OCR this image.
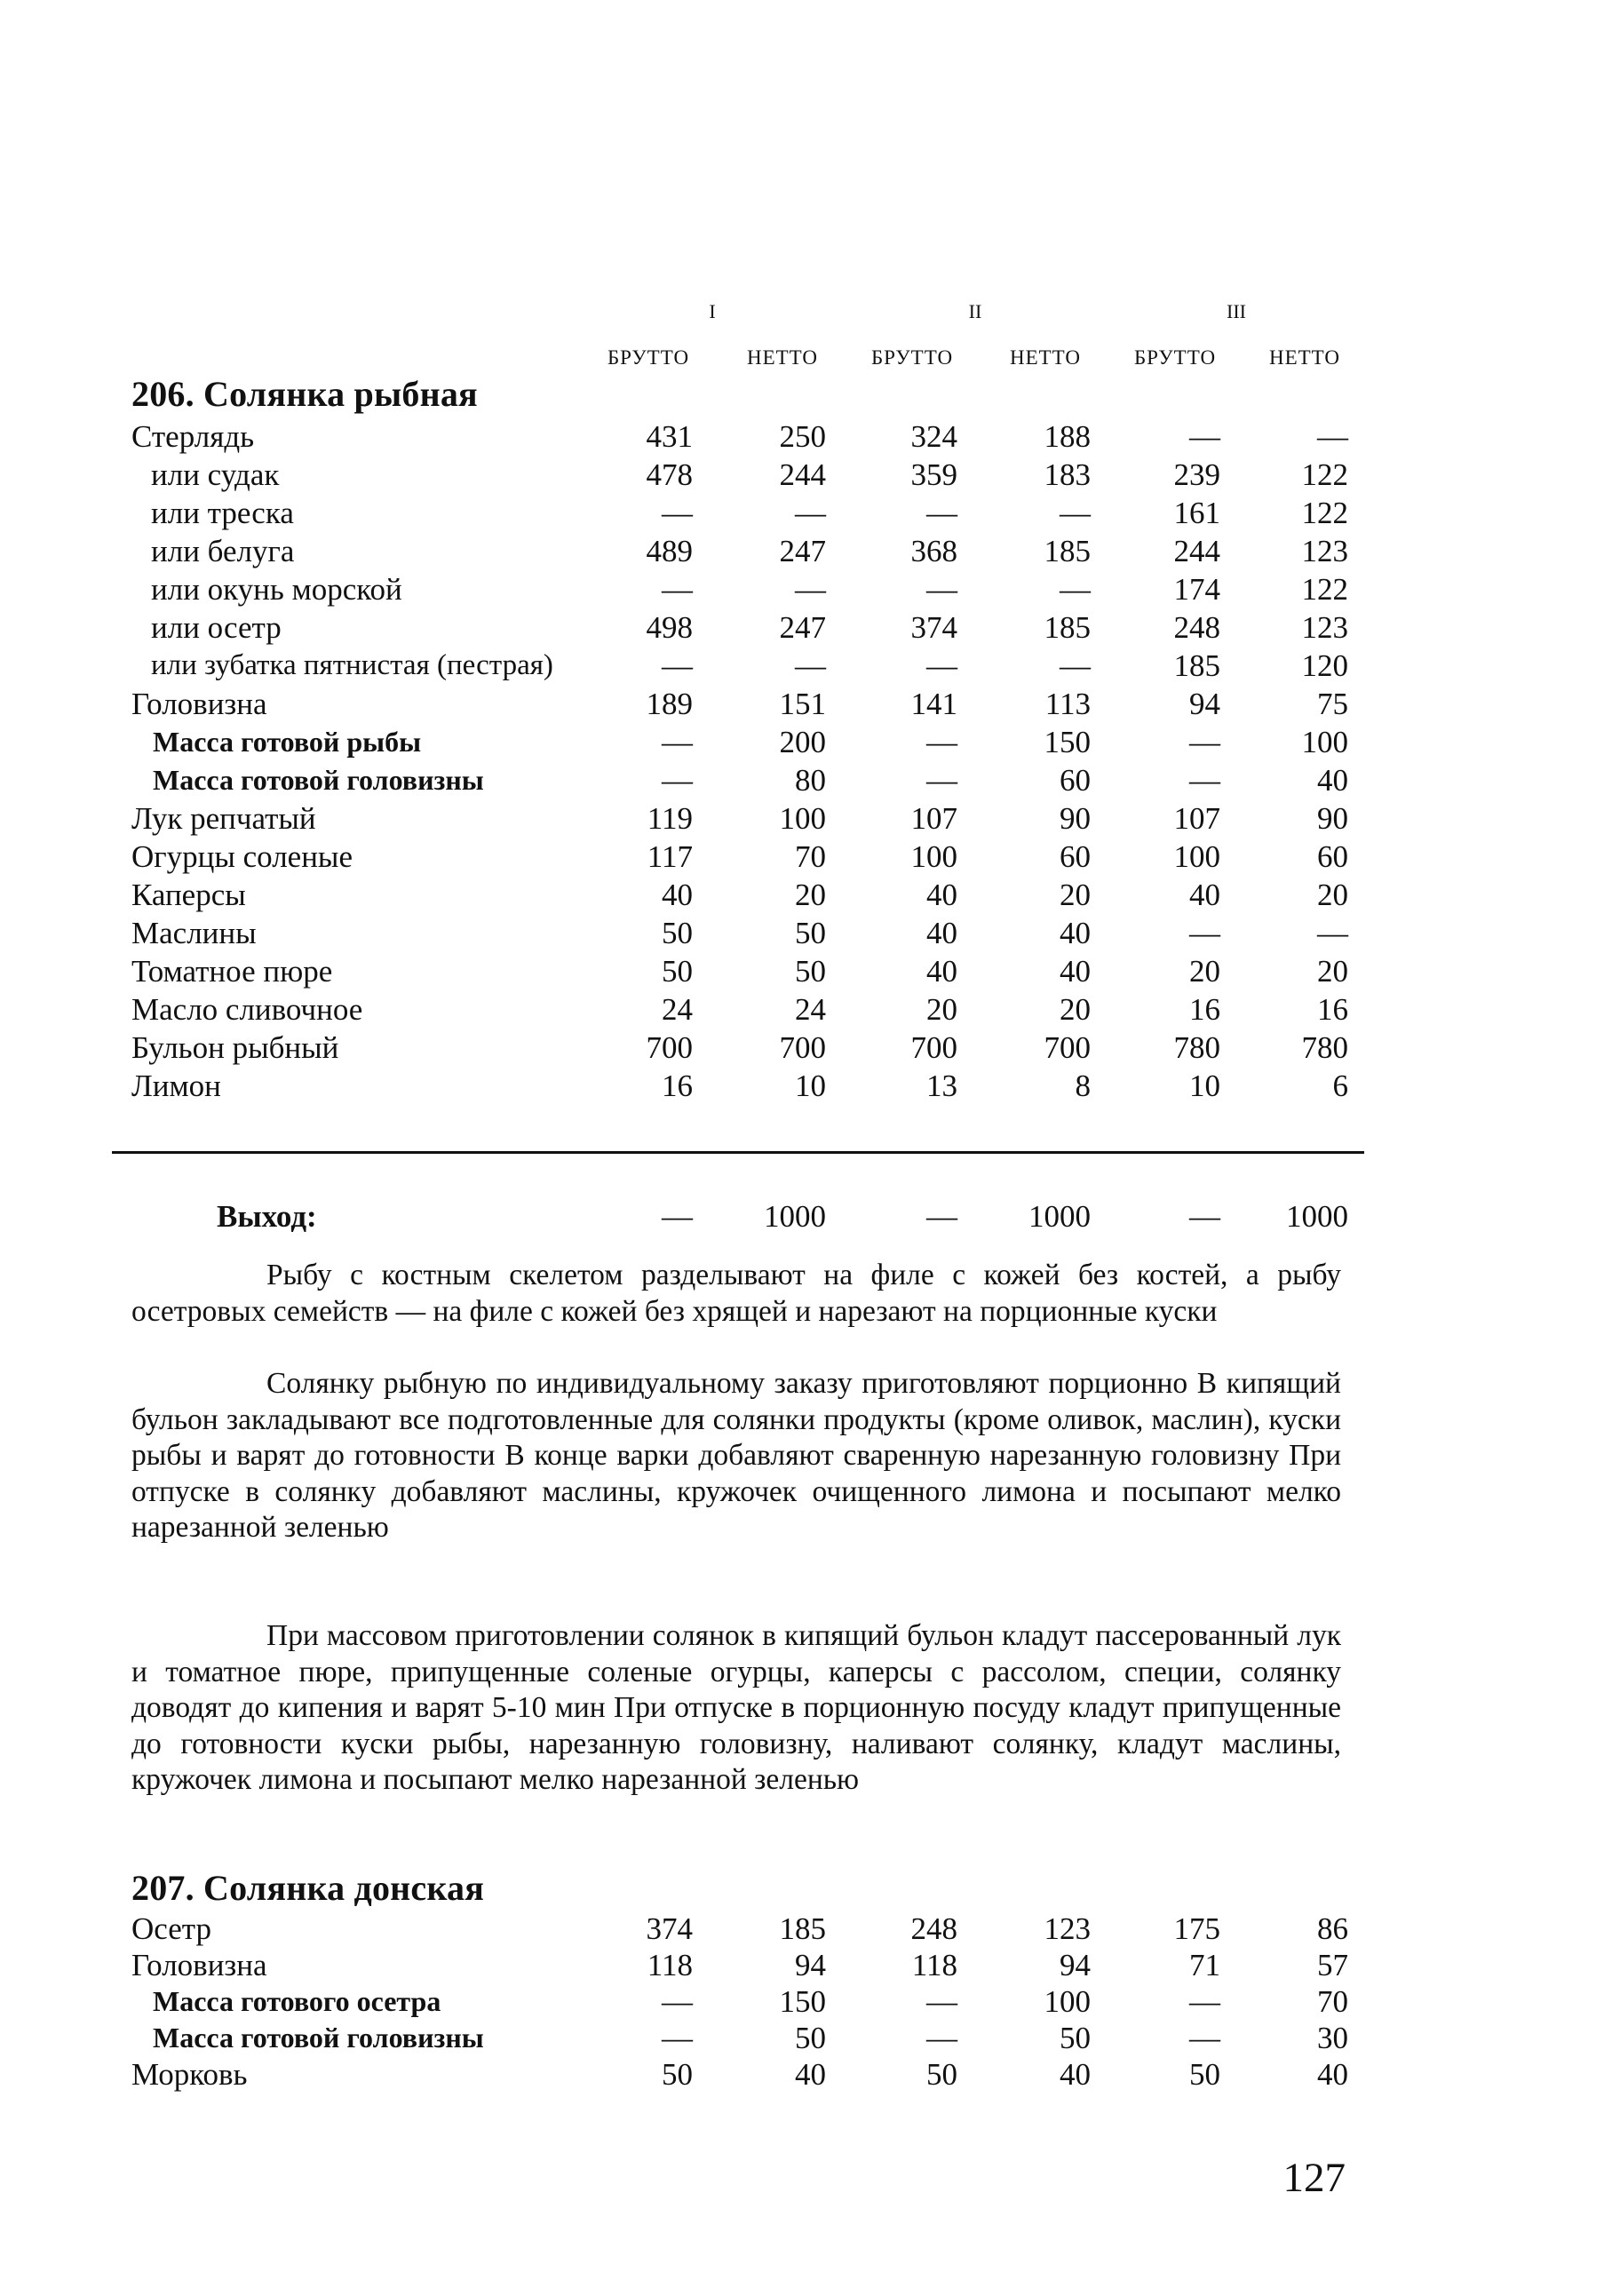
I	II	III
БРУТТО	НЕТТО	БРУТТО	НЕТТО	БРУТТО	НЕТТО
206. Солянка рыбная
Стерлядь	431	250	324	188	—	—
или судак	478	244	359	183	239	122
или треска	—	—	—	—	161	122
или белуга	489	247	368	185	244	123
или окунь морской	—	—	—	—	174	122
или осетр	498	247	374	185	248	123
или зубатка пятнистая (пестрая)	—	—	—	—	185	120
Головизна	189	151	141	113	94	75
Масса готовой рыбы	—	200	—	150	—	100
Масса готовой головизны	—	80	—	60	—	40
Лук репчатый	119	100	107	90	107	90
Огурцы соленые	117	70	100	60	100	60
Каперсы	40	20	40	20	40	20
Маслины	50	50	40	40	—	—
Томатное пюре	50	50	40	40	20	20
Масло сливочное	24	24	20	20	16	16
Бульон рыбный	700	700	700	700	780	780
Лимон	16	10	13	8	10	6
Выход:	—	1000	—	1000	—	1000

Рыбу с костным скелетом разделывают на филе с кожей без костей, а рыбу осетровых семейств — на филе с кожей без хрящей и нарезают на порционные куски

Солянку рыбную по индивидуальному заказу приготовляют порционно В кипящий бульон закладывают все подготовленные для солянки продукты (кроме оливок, маслин), куски рыбы и варят до готовности В конце варки добавляют сваренную нарезанную головизну При отпуске в солянку добавляют маслины, кружочек очищенного лимона и посыпают мелко нарезанной зеленью

При массовом приготовлении солянок в кипящий бульон кладут пассерованный лук и томатное пюре, припущенные соленые огурцы, каперсы с рассолом, специи, солянку доводят до кипения и варят 5-10 мин При отпуске в порционную посуду кладут припущенные до готовности куски рыбы, нарезанную головизну, наливают солянку, кладут маслины, кружочек лимона и посыпают мелко нарезанной зеленью

207. Солянка донская
Осетр	374	185	248	123	175	86
Головизна	118	94	118	94	71	57
Масса готового осетра	—	150	—	100	—	70
Масса готовой головизны	—	50	—	50	—	30
Морковь	50	40	50	40	50	40
127
